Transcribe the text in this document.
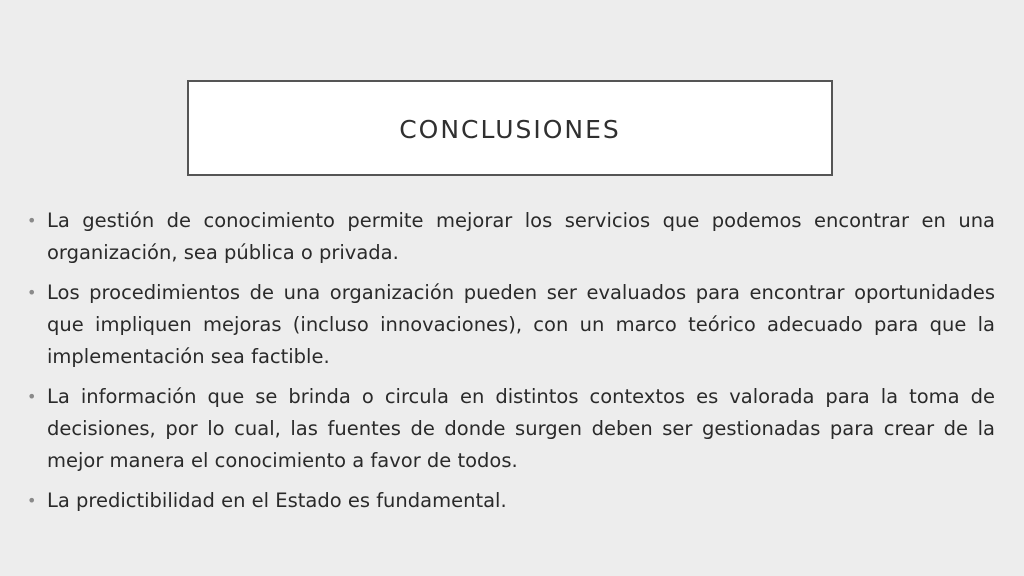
CONCLUSIONES
• La gestión de conocimiento permite mejorar los servicios que podemos encontrar en una organización, sea pública o privada.
• Los procedimientos de una organización pueden ser evaluados para encontrar oportunidades que impliquen mejoras (incluso innovaciones), con un marco teórico adecuado para que la implementación sea factible.
• La información que se brinda o circula en distintos contextos es valorada para la toma de decisiones, por lo cual, las fuentes de donde surgen deben ser gestionadas para crear de la mejor manera el conocimiento a favor de todos.
• La predictibilidad en el Estado es fundamental.
